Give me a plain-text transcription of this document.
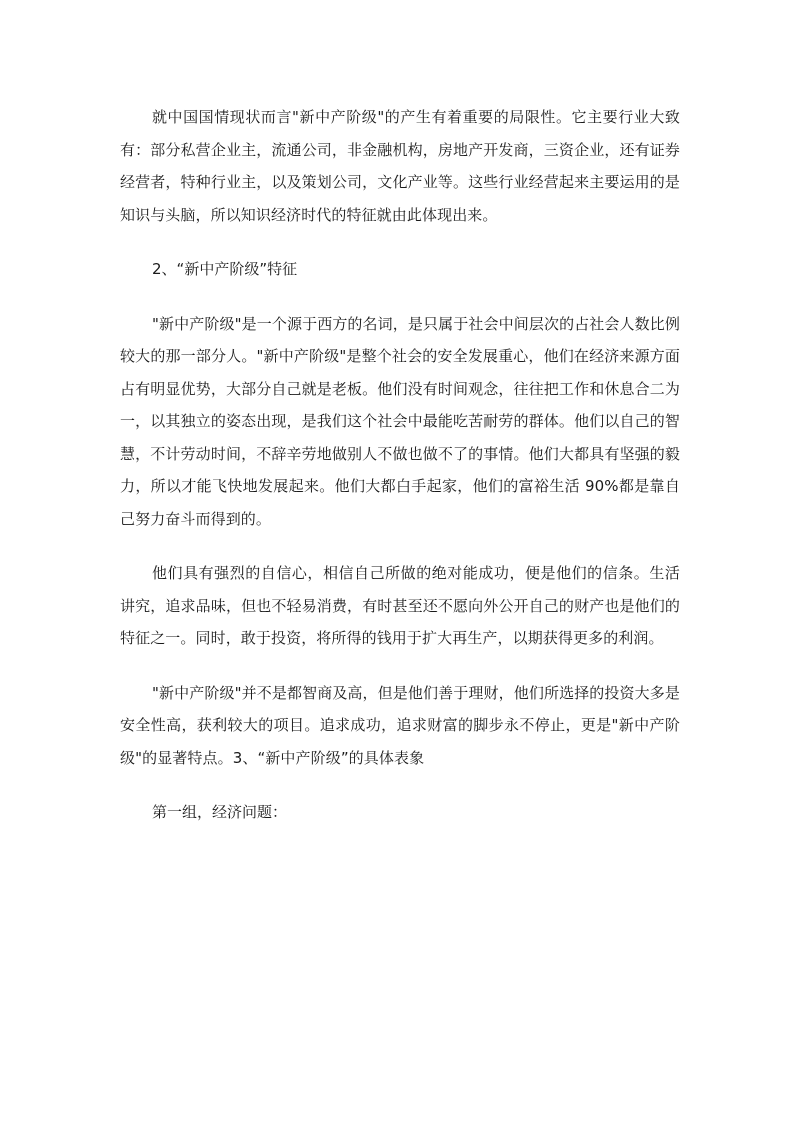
就中国国情现状而言"新中产阶级"的产生有着重要的局限性。它主要行业大致有：部分私营企业主，流通公司，非金融机构，房地产开发商，三资企业，还有证券经营者，特种行业主，以及策划公司，文化产业等。这些行业经营起来主要运用的是知识与头脑，所以知识经济时代的特征就由此体现出来。

2、“新中产阶级”特征

"新中产阶级"是一个源于西方的名词，是只属于社会中间层次的占社会人数比例较大的那一部分人。"新中产阶级"是整个社会的安全发展重心，他们在经济来源方面占有明显优势，大部分自己就是老板。他们没有时间观念，往往把工作和休息合二为一，以其独立的姿态出现，是我们这个社会中最能吃苦耐劳的群体。他们以自己的智慧，不计劳动时间，不辞辛劳地做别人不做也做不了的事情。他们大都具有坚强的毅力，所以才能飞快地发展起来。他们大都白手起家，他们的富裕生活 90%都是靠自己努力奋斗而得到的。

他们具有强烈的自信心，相信自己所做的绝对能成功，便是他们的信条。生活讲究，追求品味，但也不轻易消费，有时甚至还不愿向外公开自己的财产也是他们的特征之一。同时，敢于投资，将所得的钱用于扩大再生产，以期获得更多的利润。

"新中产阶级"并不是都智商及高，但是他们善于理财，他们所选择的投资大多是安全性高，获利较大的项目。追求成功，追求财富的脚步永不停止，更是"新中产阶级"的显著特点。3、“新中产阶级”的具体表象

第一组，经济问题：
